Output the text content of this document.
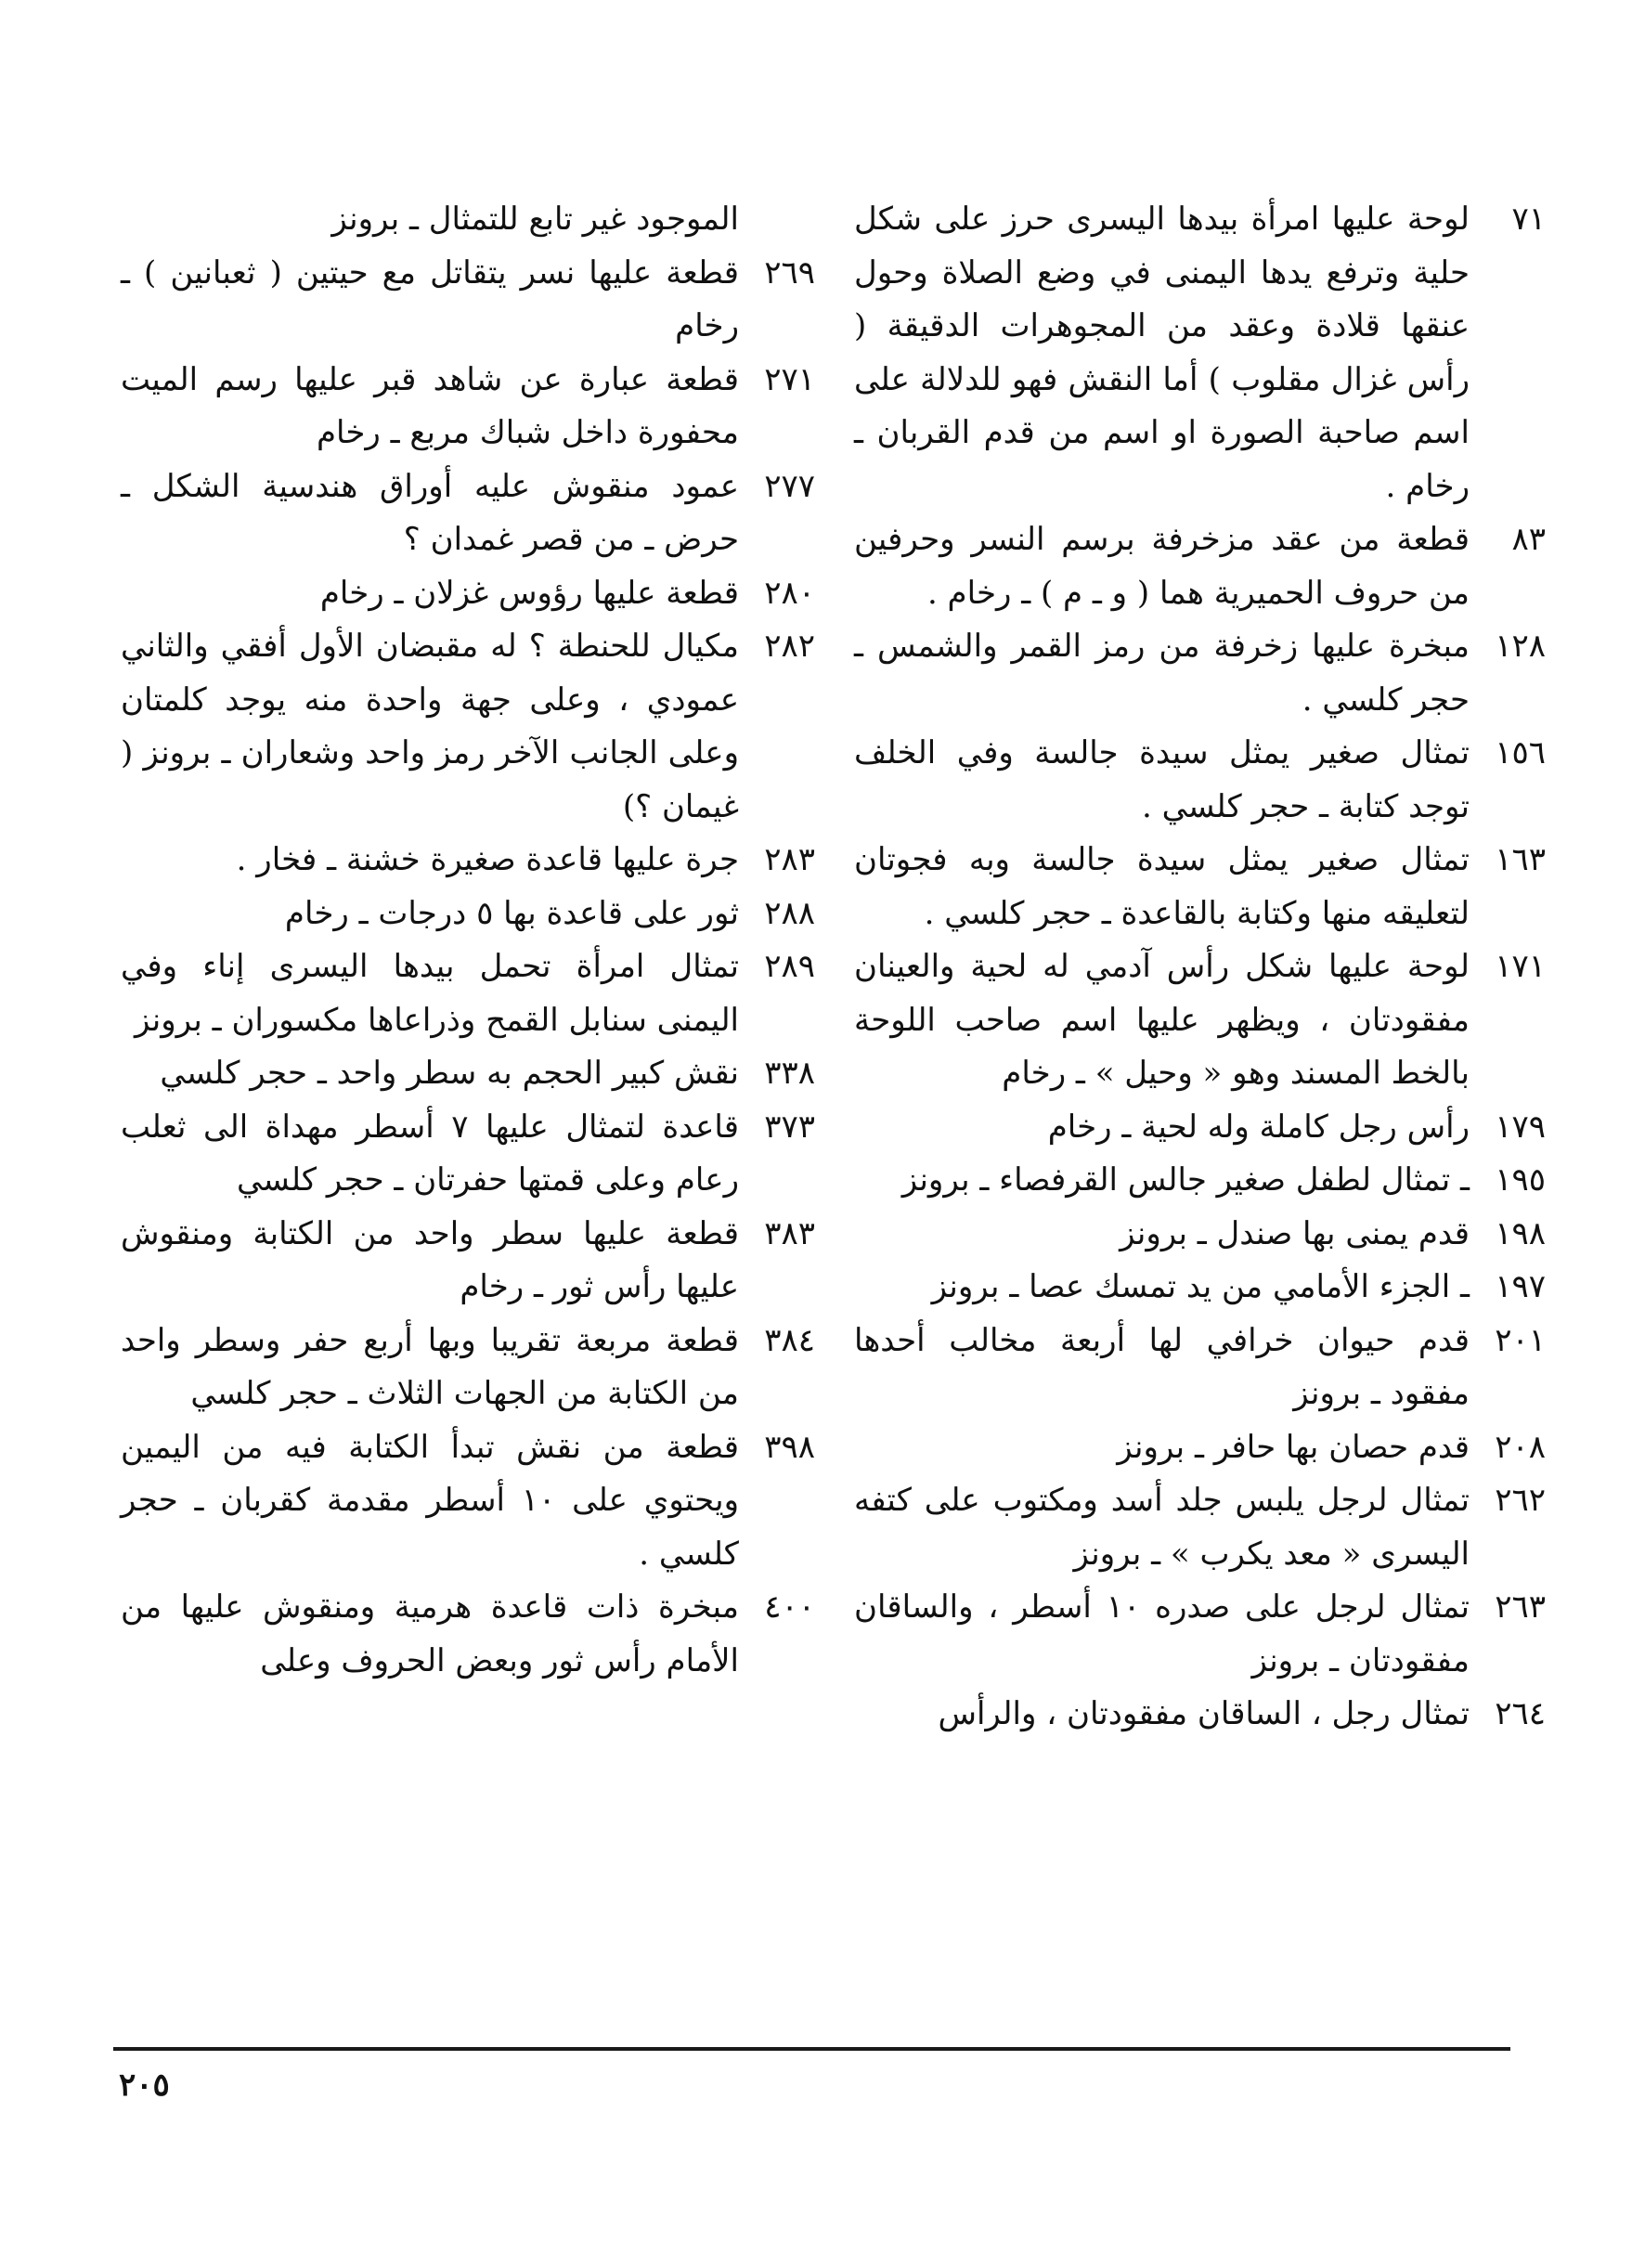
٧١
لوحة عليها امرأة بيدها اليسرى حرز على شكل حلية وترفع يدها اليمنى في وضع الصلاة وحول عنقها قلادة وعقد من المجوهرات الدقيقة ( رأس غزال مقلوب ) أما النقش فهو للدلالة على اسم صاحبة الصورة او اسم من قدم القربان ـ رخام .
٨٣
قطعة من عقد مزخرفة برسم النسر وحرفين من حروف الحميرية هما ( و ـ م ) ـ رخام .
١٢٨
مبخرة عليها زخرفة من رمز القمر والشمس ـ حجر كلسي .
١٥٦
تمثال صغير يمثل سيدة جالسة وفي الخلف توجد كتابة ـ حجر كلسي .
١٦٣
تمثال صغير يمثل سيدة جالسة وبه فجوتان لتعليقه منها وكتابة بالقاعدة ـ حجر كلسي .
١٧١
لوحة عليها شكل رأس آدمي له لحية والعينان مفقودتان ، ويظهر عليها اسم صاحب اللوحة بالخط المسند وهو « وحيل » ـ رخام
١٧٩
رأس رجل كاملة وله لحية ـ رخام
١٩٥
ـ تمثال لطفل صغير جالس القرفصاء ـ برونز
١٩٨
قدم يمنى بها صندل ـ برونز
١٩٧
ـ الجزء الأمامي من يد تمسك عصا ـ برونز
٢٠١
قدم حيوان خرافي لها أربعة مخالب أحدها مفقود ـ برونز
٢٠٨
قدم حصان بها حافر ـ برونز
٢٦٢
تمثال لرجل يلبس جلد أسد ومكتوب على كتفه اليسرى « معد يكرب » ـ برونز
٢٦٣
تمثال لرجل على صدره ١٠ أسطر ، والساقان مفقودتان ـ برونز
٢٦٤
تمثال رجل ، الساقان مفقودتان ، والرأس
الموجود غير تابع للتمثال ـ برونز
٢٦٩
قطعة عليها نسر يتقاتل مع حيتين ( ثعبانين ) ـ رخام
٢٧١
قطعة عبارة عن شاهد قبر عليها رسم الميت محفورة داخل شباك مربع ـ رخام
٢٧٧
عمود منقوش عليه أوراق هندسية الشكل ـ حرض ـ من قصر غمدان ؟
٢٨٠
قطعة عليها رؤوس غزلان ـ رخام
٢٨٢
مكيال للحنطة ؟ له مقبضان الأول أفقي والثاني عمودي ، وعلى جهة واحدة منه يوجد كلمتان وعلى الجانب الآخر رمز واحد وشعاران ـ برونز ( غيمان ؟)
٢٨٣
جرة عليها قاعدة صغيرة خشنة ـ فخار .
٢٨٨
ثور على قاعدة بها ٥ درجات ـ رخام
٢٨٩
تمثال امرأة تحمل بيدها اليسرى إناء وفي اليمنى سنابل القمح وذراعاها مكسوران ـ برونز
٣٣٨
نقش كبير الحجم به سطر واحد ـ حجر كلسي
٣٧٣
قاعدة لتمثال عليها ٧ أسطر مهداة الى ثعلب رعام وعلى قمتها حفرتان ـ حجر كلسي
٣٨٣
قطعة عليها سطر واحد من الكتابة ومنقوش عليها رأس ثور ـ رخام
٣٨٤
قطعة مربعة تقريبا وبها أربع حفر وسطر واحد من الكتابة من الجهات الثلاث ـ حجر كلسي
٣٩٨
قطعة من نقش تبدأ الكتابة فيه من اليمين ويحتوي على ١٠ أسطر مقدمة كقربان ـ حجر كلسي .
٤٠٠
مبخرة ذات قاعدة هرمية ومنقوش عليها من الأمام رأس ثور وبعض الحروف وعلى
٢٠٥
